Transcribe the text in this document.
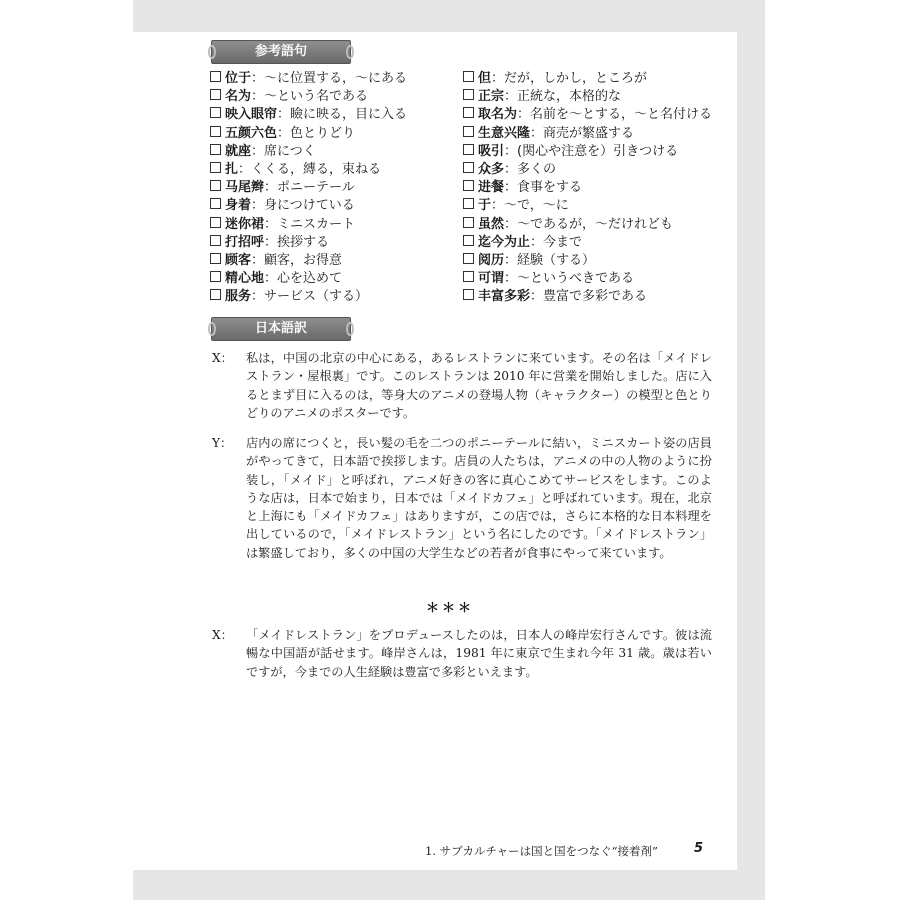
参考語句
位于：～に位置する，～にある
名为：～という名である
映入眼帘：瞼に映る，目に入る
五颜六色：色とりどり
就座：席につく
扎：くくる，縛る，束ねる
马尾辫：ポニーテール
身着：身につけている
迷你裙：ミニスカート
打招呼：挨拶する
顾客：顧客，お得意
精心地：心を込めて
服务：サービス（する）
但：だが，しかし，ところが
正宗：正統な，本格的な
取名为：名前を～とする，～と名付ける
生意兴隆：商売が繁盛する
吸引：(関心や注意を）引きつける
众多：多くの
进餐：食事をする
于：～で，～に
虽然：～であるが，～だけれども
迄今为止：今まで
阅历：経験（する）
可谓：～というべきである
丰富多彩：豊富で多彩である
日本語訳
X：	私は，中国の北京の中心にある，あるレストランに来ています。その名は「メイドレストラン・屋根裏」です。このレストランは 2010 年に営業を開始しました。店に入るとまず目に入るのは，等身大のアニメの登場人物（キャラクター）の模型と色とりどりのアニメのポスターです。
Y：	店内の席につくと，長い髪の毛を二つのポニーテールに結い，ミニスカート姿の店員がやってきて，日本語で挨拶します。店員の人たちは，アニメの中の人物のように扮装し，「メイド」と呼ばれ，アニメ好きの客に真心こめてサービスをします。このような店は，日本で始まり，日本では「メイドカフェ」と呼ばれています。現在，北京と上海にも「メイドカフェ」はありますが，この店では，さらに本格的な日本料理を出しているので，「メイドレストラン」という名にしたのです。「メイドレストラン」は繁盛しており，多くの中国の大学生などの若者が食事にやって来ています。
＊＊＊
X：	「メイドレストラン」をプロデュースしたのは，日本人の峰岸宏行さんです。彼は流暢な中国語が話せます。峰岸さんは，1981 年に東京で生まれ今年 31 歳。歳は若いですが，今までの人生経験は豊富で多彩といえます。
1. サブカルチャーは国と国をつなぐ“接着剤”	5
